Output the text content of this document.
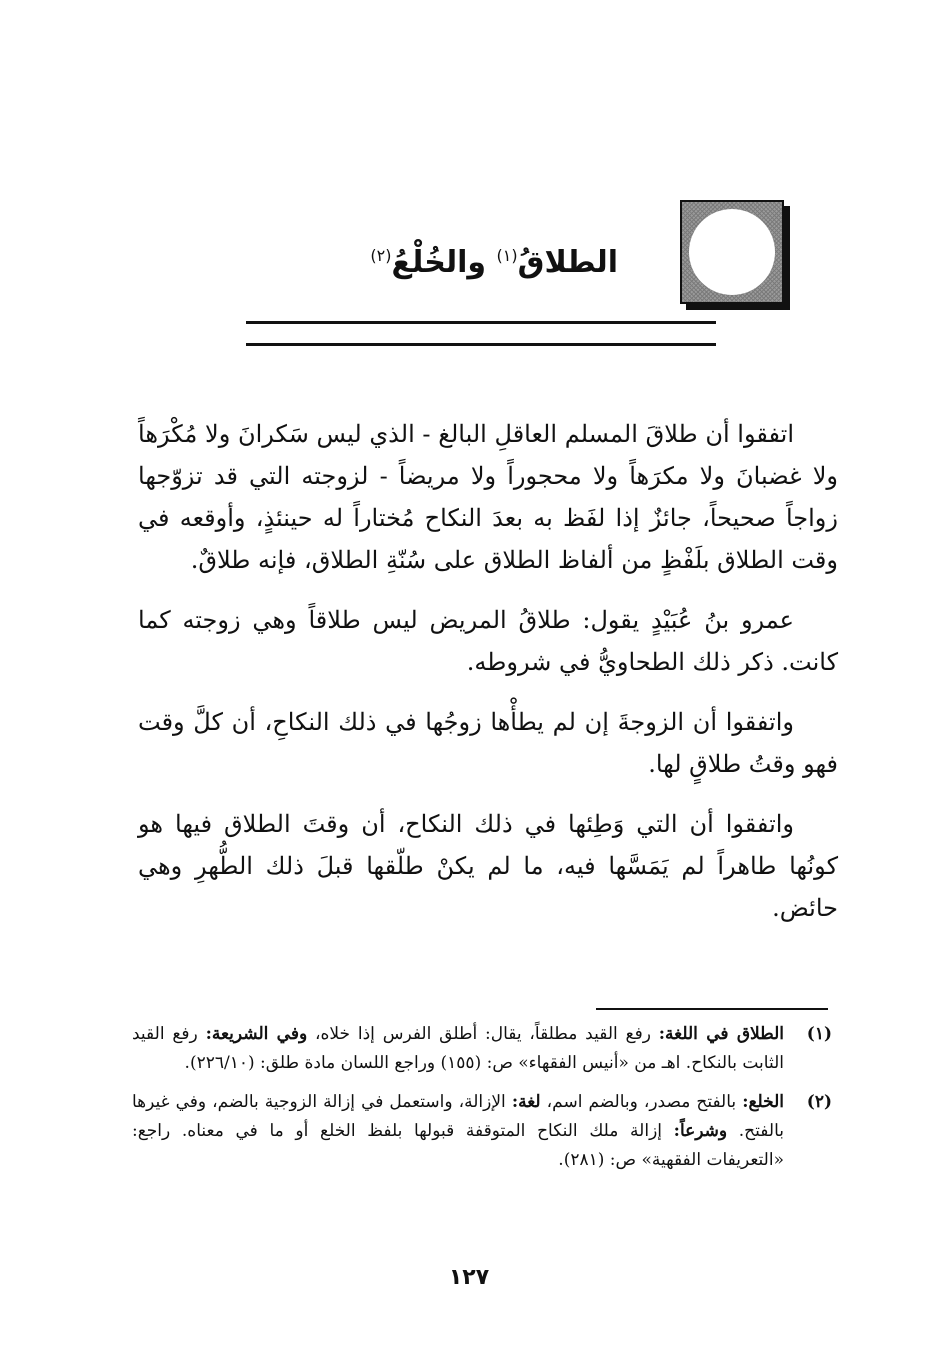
الطلاقُ$^{(١)}$ والخُلْعُ$^{(٢)}$

اتفقوا أن طلاقَ المسلم العاقلِ البالغ - الذي ليس سَكرانَ ولا مُكْرَهاً ولا غضبانَ ولا مكرَهاً ولا محجوراً ولا مريضاً - لزوجته التي قد تزوّجها زواجاً صحيحاً، جائزٌ إذا لفَظ به بعدَ النكاح مُختاراً له حينئذٍ، وأوقعه في وقت الطلاق بلَفْظٍ من ألفاظ الطلاق على سُنّةِ الطلاق، فإنه طلاقٌ.

عمرو بنُ عُبَيْدٍ يقول: طلاقُ المريض ليس طلاقاً وهي زوجته كما كانت. ذكر ذلك الطحاويُّ في شروطه.

واتفقوا أن الزوجةَ إن لم يطأْها زوجُها في ذلك النكاحِ، أن كلَّ وقت فهو وقتُ طلاقٍ لها.

واتفقوا أن التي وَطِئها في ذلك النكاح، أن وقتَ الطلاق فيها هو كونُها طاهراً لم يَمَسَّها فيه، ما لم يكنْ طلّقها قبلَ ذلك الطُّهرِ وهي حائض.

(١)
الطلاق في اللغة: رفع القيد مطلقاً، يقال: أطلق الفرس إذا خلاه، وفي الشريعة: رفع القيد الثابت بالنكاح. اهـ من «أنيس الفقهاء» ص: (١٥٥) وراجع اللسان مادة طلق: (٢٢٦/١٠).
(٢)
الخلع: بالفتح مصدر، وبالضم اسم، لغة: الإزالة، واستعمل في إزالة الزوجية بالضم، وفي غيرها بالفتح. وشرعاً: إزالة ملك النكاح المتوقفة قبولها بلفظ الخلع أو ما في معناه. راجع: «التعريفات الفقهية» ص: (٢٨١).
١٢٧
